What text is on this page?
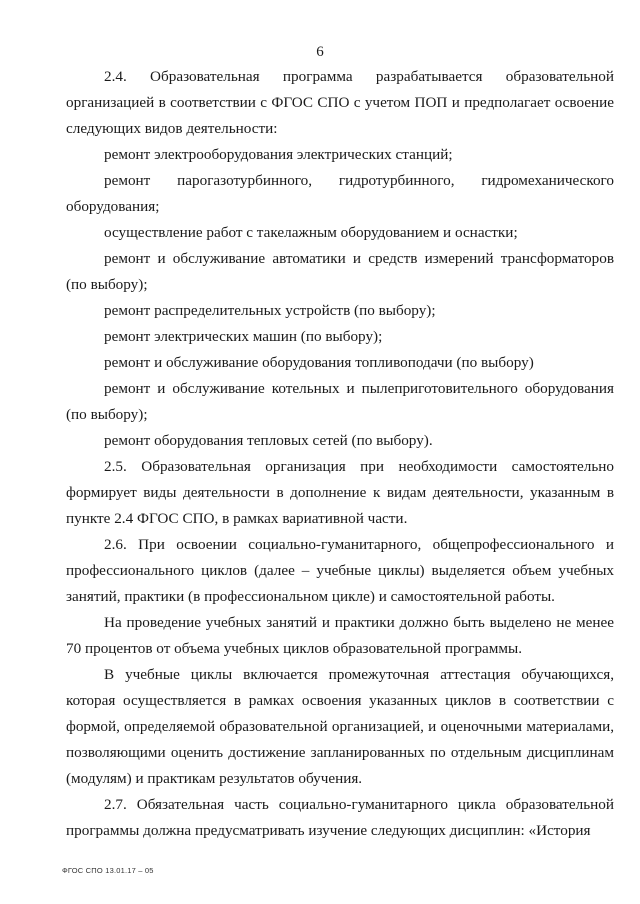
6

2.4. Образовательная программа разрабатывается образовательной организацией в соответствии с ФГОС СПО с учетом ПОП и предполагает освоение следующих видов деятельности:

ремонт электрооборудования электрических станций;

ремонт парогазотурбинного, гидротурбинного, гидромеханического оборудования;

осуществление работ с такелажным оборудованием и оснастки;

ремонт и обслуживание автоматики и средств измерений трансформаторов (по выбору);

ремонт распределительных устройств (по выбору);

ремонт электрических машин (по выбору);

ремонт и обслуживание оборудования топливоподачи (по выбору)

ремонт и обслуживание котельных и пылеприготовительного оборудования (по выбору);

ремонт оборудования тепловых сетей (по выбору).

2.5. Образовательная организация при необходимости самостоятельно формирует виды деятельности в дополнение к видам деятельности, указанным в пункте 2.4 ФГОС СПО, в рамках вариативной части.

2.6. При освоении социально-гуманитарного, общепрофессионального и профессионального циклов (далее – учебные циклы) выделяется объем учебных занятий, практики (в профессиональном цикле) и самостоятельной работы.

На проведение учебных занятий и практики должно быть выделено не менее 70 процентов от объема учебных циклов образовательной программы.

В учебные циклы включается промежуточная аттестация обучающихся, которая осуществляется в рамках освоения указанных циклов в соответствии с формой, определяемой образовательной организацией, и оценочными материалами, позволяющими оценить достижение запланированных по отдельным дисциплинам (модулям) и практикам результатов обучения.

2.7. Обязательная часть социально-гуманитарного цикла образовательной программы должна предусматривать изучение следующих дисциплин: «История

ФГОС СПО 13.01.17 – 05
